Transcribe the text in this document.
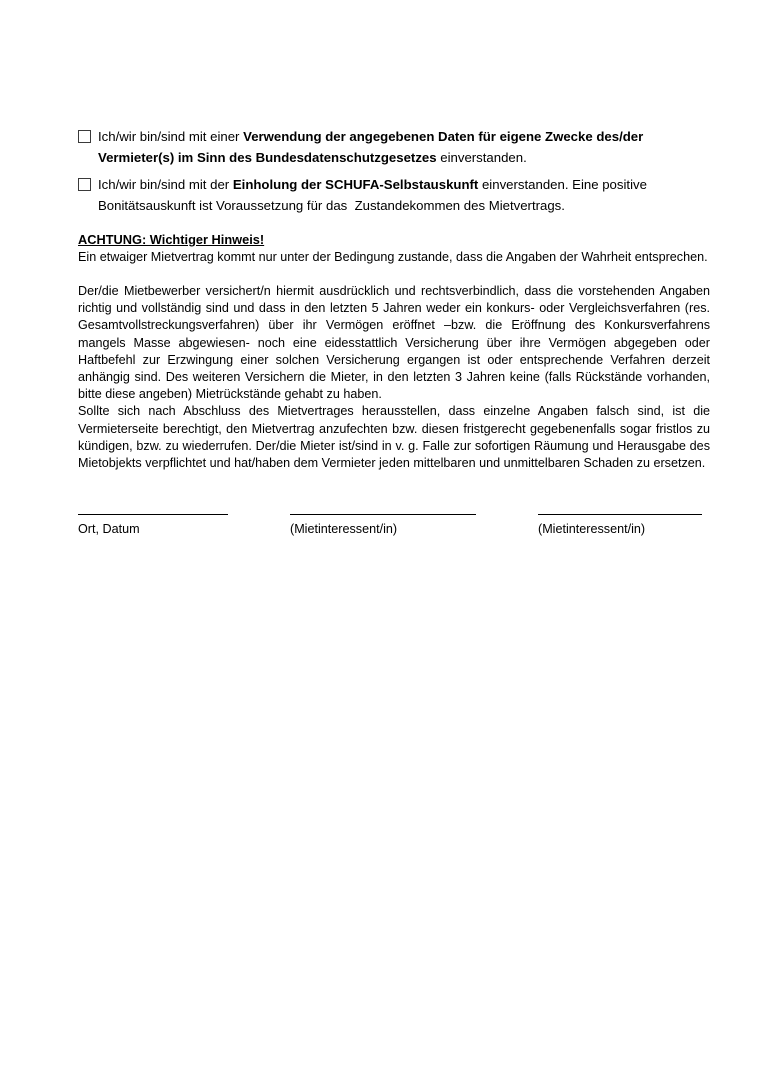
Ich/wir bin/sind mit einer Verwendung der angegebenen Daten für eigene Zwecke des/der Vermieter(s) im Sinn des Bundesdatenschutzgesetzes einverstanden.
Ich/wir bin/sind mit der Einholung der SCHUFA-Selbstauskunft einverstanden. Eine positive Bonitätsauskunft ist Voraussetzung für das  Zustandekommen des Mietvertrags.
ACHTUNG: Wichtiger Hinweis!
Ein etwaiger Mietvertrag kommt nur unter der Bedingung zustande, dass die Angaben der Wahrheit entsprechen.

Der/die Mietbewerber versichert/n hiermit ausdrücklich und rechtsverbindlich, dass die vorstehenden Angaben richtig und vollständig sind und dass in den letzten 5 Jahren weder ein konkurs- oder Vergleichsverfahren (res. Gesamtvollstreckungsverfahren) über ihr Vermögen eröffnet –bzw. die Eröffnung des Konkursverfahrens mangels Masse abgewiesen- noch eine eidesstattlich Versicherung über ihre Vermögen abgegeben oder Haftbefehl zur Erzwingung einer solchen Versicherung ergangen ist oder entsprechende Verfahren derzeit anhängig sind. Des weiteren Versichern die Mieter, in den letzten 3 Jahren keine (falls Rückstände vorhanden, bitte diese angeben) Mietrückstände gehabt zu haben.

Sollte sich nach Abschluss des Mietvertrages herausstellen, dass einzelne Angaben falsch sind, ist die Vermieterseite berechtigt, den Mietvertrag anzufechten bzw. diesen fristgerecht gegebenenfalls sogar fristlos zu kündigen, bzw. zu wiederrufen. Der/die Mieter ist/sind in v. g. Falle zur sofortigen Räumung und Herausgabe des Mietobjekts verpflichtet und hat/haben dem Vermieter jeden mittelbaren und unmittelbaren Schaden zu ersetzen.

Ort, Datum	(Mietinteressent/in)	(Mietinteressent/in)
